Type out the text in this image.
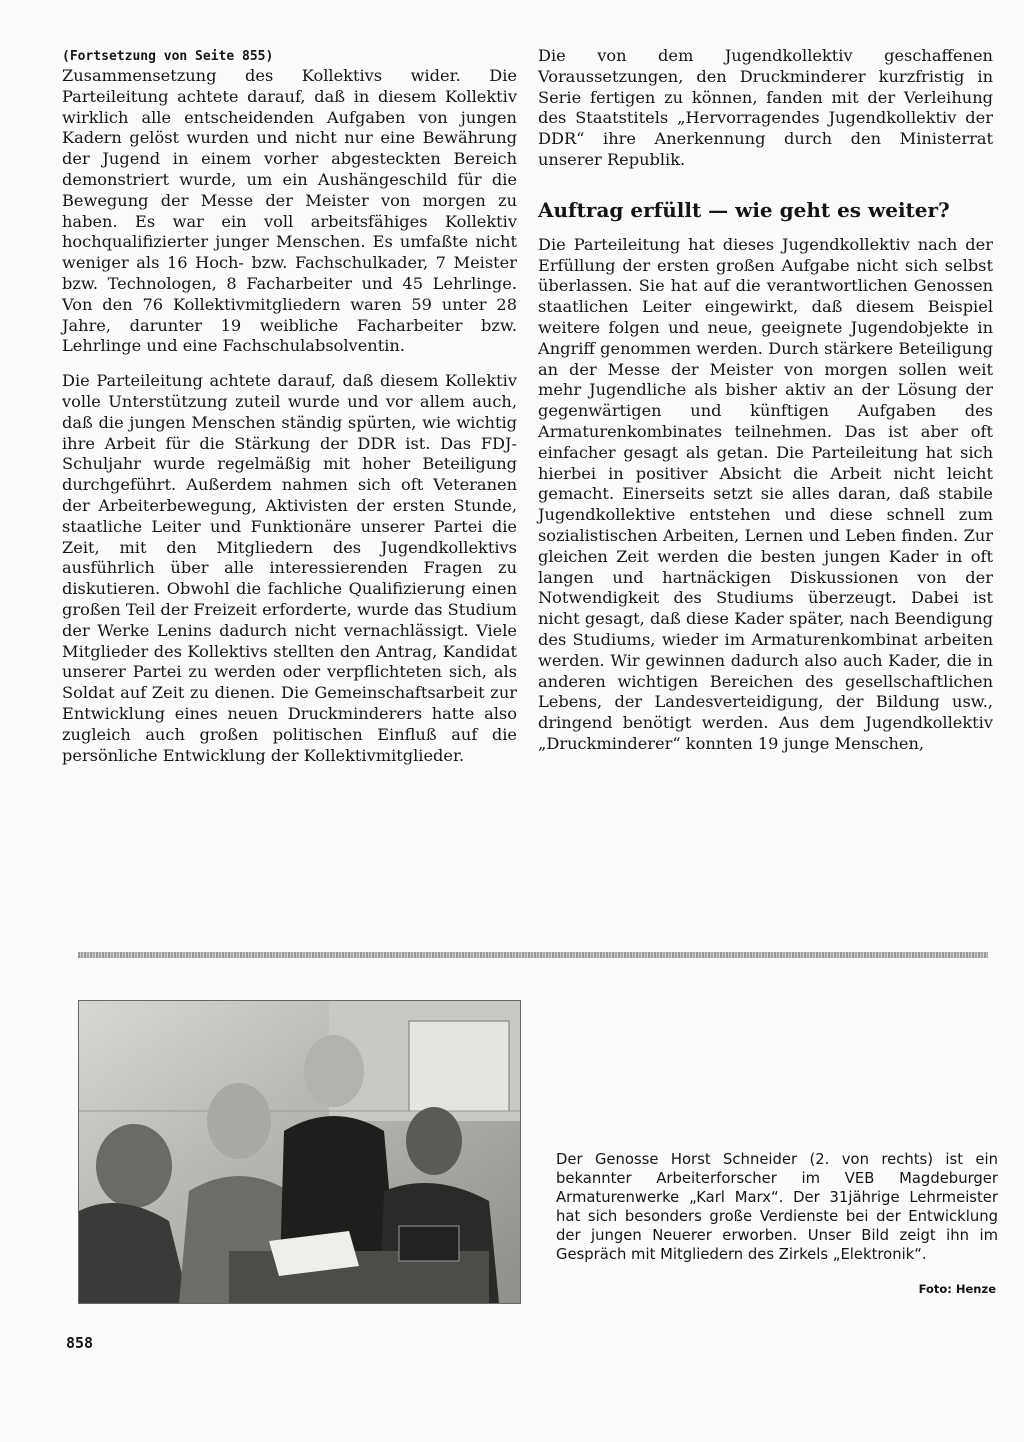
(Fortsetzung von Seite 855)

Zusammensetzung des Kollektivs wider. Die Parteileitung achtete darauf, daß in diesem Kollektiv wirklich alle entscheidenden Aufgaben von jungen Kadern gelöst wurden und nicht nur eine Bewährung der Jugend in einem vorher abgesteckten Bereich demonstriert wurde, um ein Aushängeschild für die Bewegung der Messe der Meister von morgen zu haben. Es war ein voll arbeitsfähiges Kollektiv hochqualifizierter junger Menschen. Es umfaßte nicht weniger als 16 Hoch- bzw. Fachschulkader, 7 Meister bzw. Technologen, 8 Facharbeiter und 45 Lehrlinge. Von den 76 Kollektivmitgliedern waren 59 unter 28 Jahre, darunter 19 weibliche Facharbeiter bzw. Lehrlinge und eine Fachschulabsolventin.

Die Parteileitung achtete darauf, daß diesem Kollektiv volle Unterstützung zuteil wurde und vor allem auch, daß die jungen Menschen ständig spürten, wie wichtig ihre Arbeit für die Stärkung der DDR ist. Das FDJ-Schuljahr wurde regelmäßig mit hoher Beteiligung durchgeführt. Außerdem nahmen sich oft Veteranen der Arbeiterbewegung, Aktivisten der ersten Stunde, staatliche Leiter und Funktionäre unserer Partei die Zeit, mit den Mitgliedern des Jugendkollektivs ausführlich über alle interessierenden Fragen zu diskutieren. Obwohl die fachliche Qualifizierung einen großen Teil der Freizeit erforderte, wurde das Studium der Werke Lenins dadurch nicht vernachlässigt. Viele Mitglieder des Kollektivs stellten den Antrag, Kandidat unserer Partei zu werden oder verpflichteten sich, als Soldat auf Zeit zu dienen. Die Gemeinschaftsarbeit zur Entwicklung eines neuen Druckminderers hatte also zugleich auch großen politischen Einfluß auf die persönliche Entwicklung der Kollektivmitglieder.

Die von dem Jugendkollektiv geschaffenen Voraussetzungen, den Druckminderer kurzfristig in Serie fertigen zu können, fanden mit der Verleihung des Staatstitels „Hervorragendes Jugendkollektiv der DDR“ ihre Anerkennung durch den Ministerrat unserer Republik.

Auftrag erfüllt — wie geht es weiter?

Die Parteileitung hat dieses Jugendkollektiv nach der Erfüllung der ersten großen Aufgabe nicht sich selbst überlassen. Sie hat auf die verantwortlichen Genossen staatlichen Leiter eingewirkt, daß diesem Beispiel weitere folgen und neue, geeignete Jugendobjekte in Angriff genommen werden. Durch stärkere Beteiligung an der Messe der Meister von morgen sollen weit mehr Jugendliche als bisher aktiv an der Lösung der gegenwärtigen und künftigen Aufgaben des Armaturenkombinates teilnehmen. Das ist aber oft einfacher gesagt als getan. Die Parteileitung hat sich hierbei in positiver Absicht die Arbeit nicht leicht gemacht. Einerseits setzt sie alles daran, daß stabile Jugendkollektive entstehen und diese schnell zum sozialistischen Arbeiten, Lernen und Leben finden. Zur gleichen Zeit werden die besten jungen Kader in oft langen und hartnäckigen Diskussionen von der Notwendigkeit des Studiums überzeugt. Dabei ist nicht gesagt, daß diese Kader später, nach Beendigung des Studiums, wieder im Armaturenkombinat arbeiten werden. Wir gewinnen dadurch also auch Kader, die in anderen wichtigen Bereichen des gesellschaftlichen Lebens, der Landesverteidigung, der Bildung usw., dringend benötigt werden. Aus dem Jugendkollektiv „Druckminderer“ konnten 19 junge Menschen,

Der Genosse Horst Schneider (2. von rechts) ist ein bekannter Arbeiterforscher im VEB Magdeburger Armaturenwerke „Karl Marx“. Der 31jährige Lehrmeister hat sich besonders große Verdienste bei der Entwicklung der jungen Neuerer erworben. Unser Bild zeigt ihn im Gespräch mit Mitgliedern des Zirkels „Elektronik“.
Foto: Henze
858
